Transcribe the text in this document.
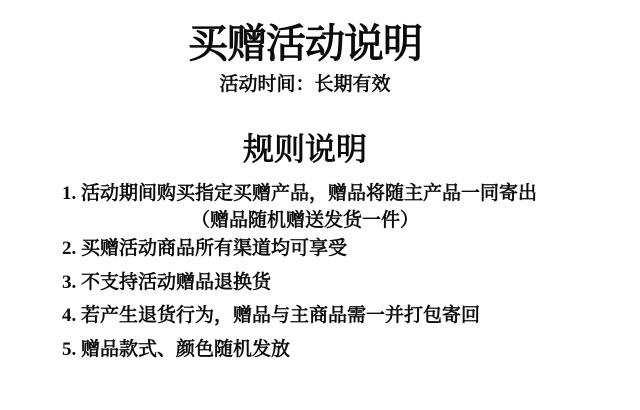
买赠活动说明
活动时间：长期有效
规则说明
1. 活动期间购买指定买赠产品，赠品将随主产品一同寄出
（赠品随机赠送发货一件）
2. 买赠活动商品所有渠道均可享受
3. 不支持活动赠品退换货
4. 若产生退货行为，赠品与主商品需一并打包寄回
5. 赠品款式、颜色随机发放
